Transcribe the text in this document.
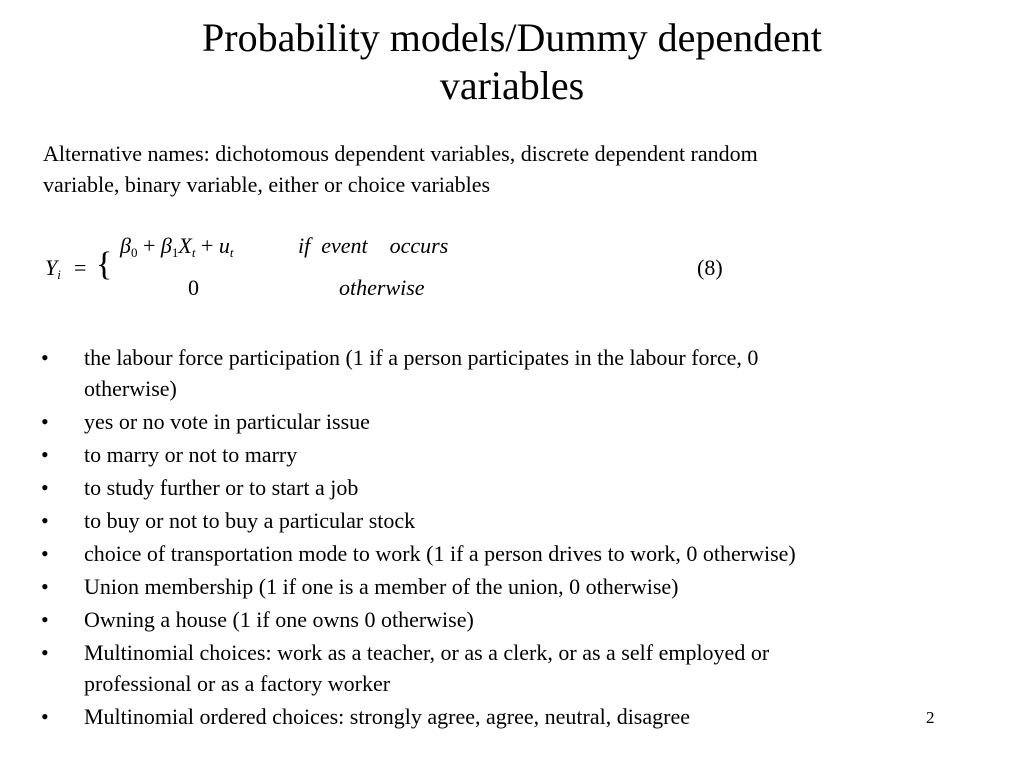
Probability models/Dummy dependent
variables
Alternative names: dichotomous dependent variables, discrete dependent random
variable, binary variable, either or choice variables
Yi = {
$\beta_0 + \beta_1Xt$ + ut	if  event    occurs
0	otherwise
(8)
• the labour force participation (1 if a person participates in the labour force, 0
otherwise)
• yes or no vote in particular issue
• to marry or not to marry
• to study further or to start a job
• to buy or not to buy a particular stock
• choice of transportation mode to work (1 if a person drives to work, 0 otherwise)
• Union membership (1 if one is a member of the union, 0 otherwise)
• Owning a house (1 if one owns 0 otherwise)
• Multinomial choices: work as a teacher, or as a clerk, or as a self employed or
professional or as a factory worker
• Multinomial ordered choices: strongly agree, agree, neutral, disagree	2
